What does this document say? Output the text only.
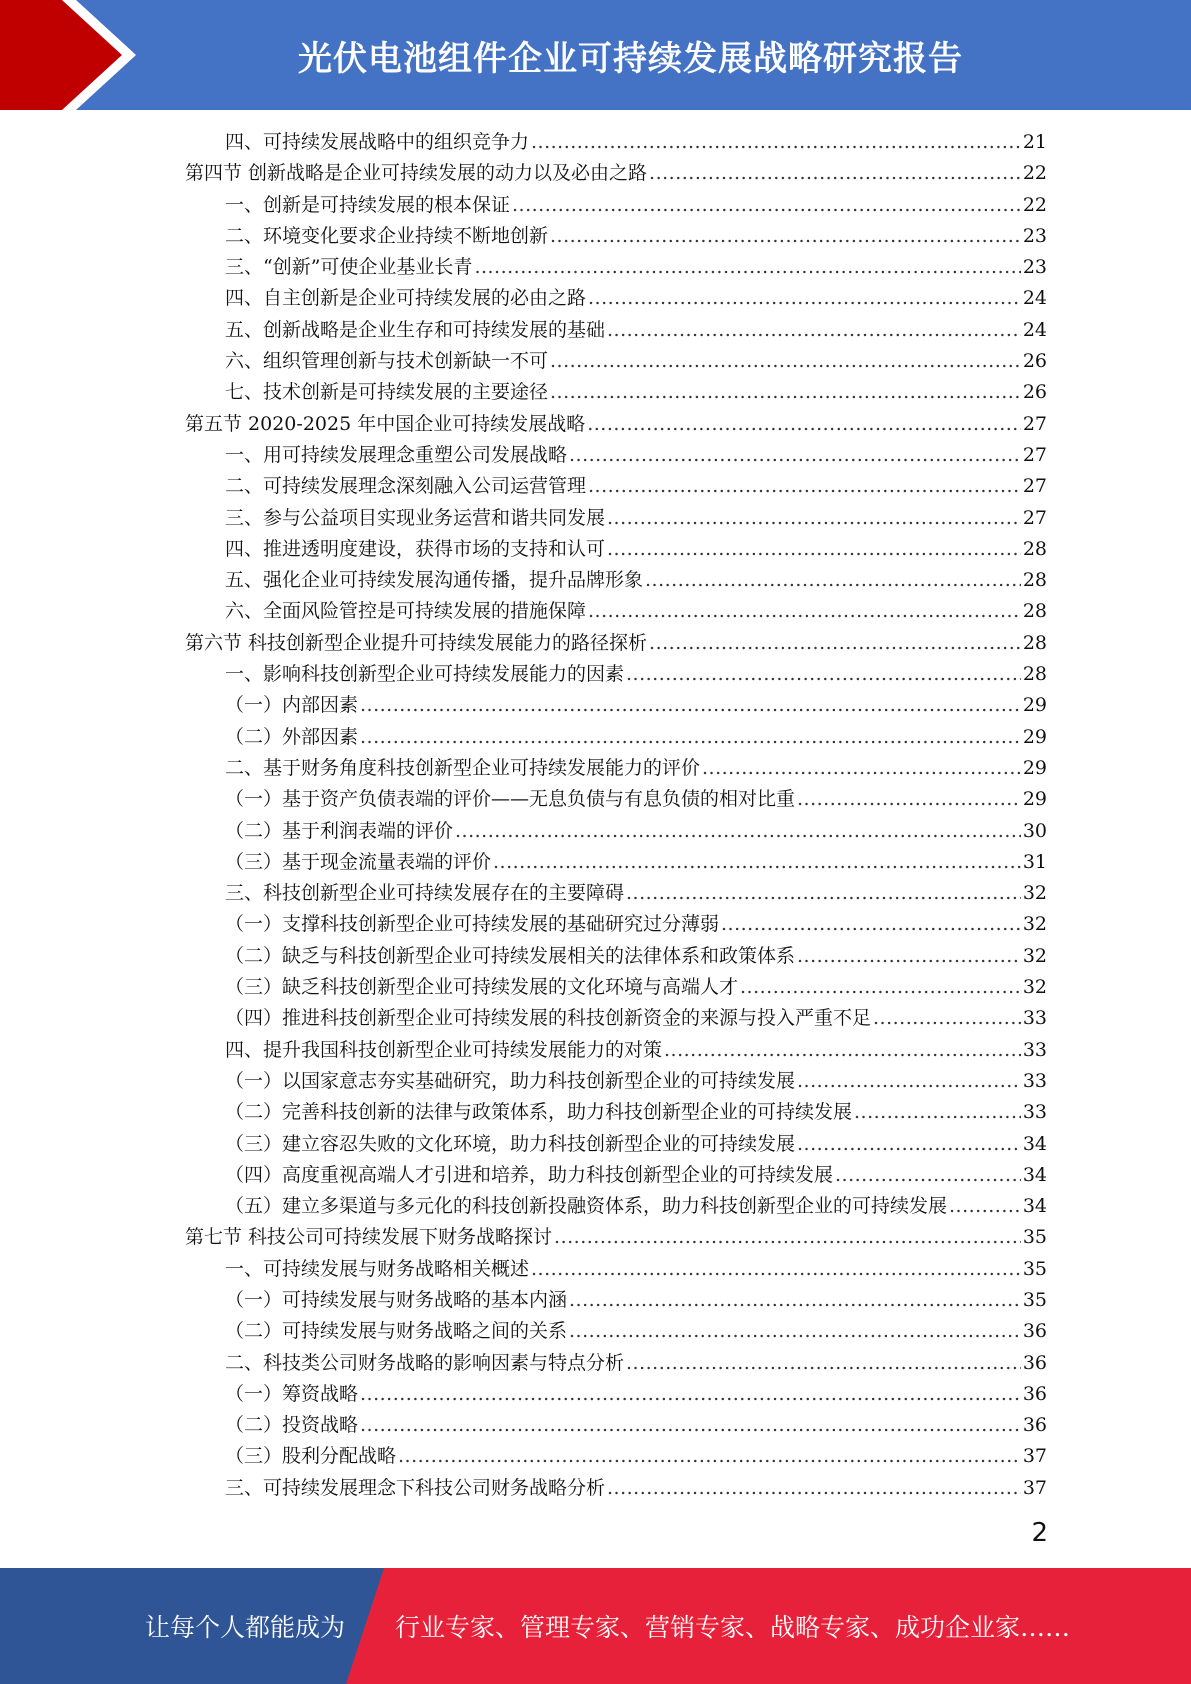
光伏电池组件企业可持续发展战略研究报告
四、可持续发展战略中的组织竞争力 .....	21
第四节 创新战略是企业可持续发展的动力以及必由之路 .....	22
一、创新是可持续发展的根本保证 .....	22
二、环境变化要求企业持续不断地创新 .....	23
三、“创新”可使企业基业长青 .....	23
四、自主创新是企业可持续发展的必由之路 .....	24
五、创新战略是企业生存和可持续发展的基础 .....	24
六、组织管理创新与技术创新缺一不可 .....	26
七、技术创新是可持续发展的主要途径 .....	26
第五节 2020-2025 年中国企业可持续发展战略 .....	27
一、用可持续发展理念重塑公司发展战略 .....	27
二、可持续发展理念深刻融入公司运营管理 .....	27
三、参与公益项目实现业务运营和谐共同发展 .....	27
四、推进透明度建设，获得市场的支持和认可 .....	28
五、强化企业可持续发展沟通传播，提升品牌形象 .....	28
六、全面风险管控是可持续发展的措施保障 .....	28
第六节 科技创新型企业提升可持续发展能力的路径探析 .....	28
一、影响科技创新型企业可持续发展能力的因素 .....	28
（一）内部因素 .....	29
（二）外部因素 .....	29
二、基于财务角度科技创新型企业可持续发展能力的评价 .....	29
（一）基于资产负债表端的评价——无息负债与有息负债的相对比重 .....	29
（二）基于利润表端的评价 .....	30
（三）基于现金流量表端的评价 .....	31
三、科技创新型企业可持续发展存在的主要障碍 .....	32
（一）支撑科技创新型企业可持续发展的基础研究过分薄弱 .....	32
（二）缺乏与科技创新型企业可持续发展相关的法律体系和政策体系 .....	32
（三）缺乏科技创新型企业可持续发展的文化环境与高端人才 .....	32
（四）推进科技创新型企业可持续发展的科技创新资金的来源与投入严重不足 .....	33
四、提升我国科技创新型企业可持续发展能力的对策 .....	33
（一）以国家意志夯实基础研究，助力科技创新型企业的可持续发展 .....	33
（二）完善科技创新的法律与政策体系，助力科技创新型企业的可持续发展 .....	33
（三）建立容忍失败的文化环境，助力科技创新型企业的可持续发展 .....	34
（四）高度重视高端人才引进和培养，助力科技创新型企业的可持续发展 .....	34
（五）建立多渠道与多元化的科技创新投融资体系，助力科技创新型企业的可持续发展 .....	34
第七节 科技公司可持续发展下财务战略探讨 .....	35
一、可持续发展与财务战略相关概述 .....	35
（一）可持续发展与财务战略的基本内涵 .....	35
（二）可持续发展与财务战略之间的关系 .....	36
二、科技类公司财务战略的影响因素与特点分析 .....	36
（一）筹资战略 .....	36
（二）投资战略 .....	36
（三）股利分配战略 .....	37
三、可持续发展理念下科技公司财务战略分析 .....	37
2
让每个人都能成为	行业专家、管理专家、营销专家、战略专家、成功企业家……
